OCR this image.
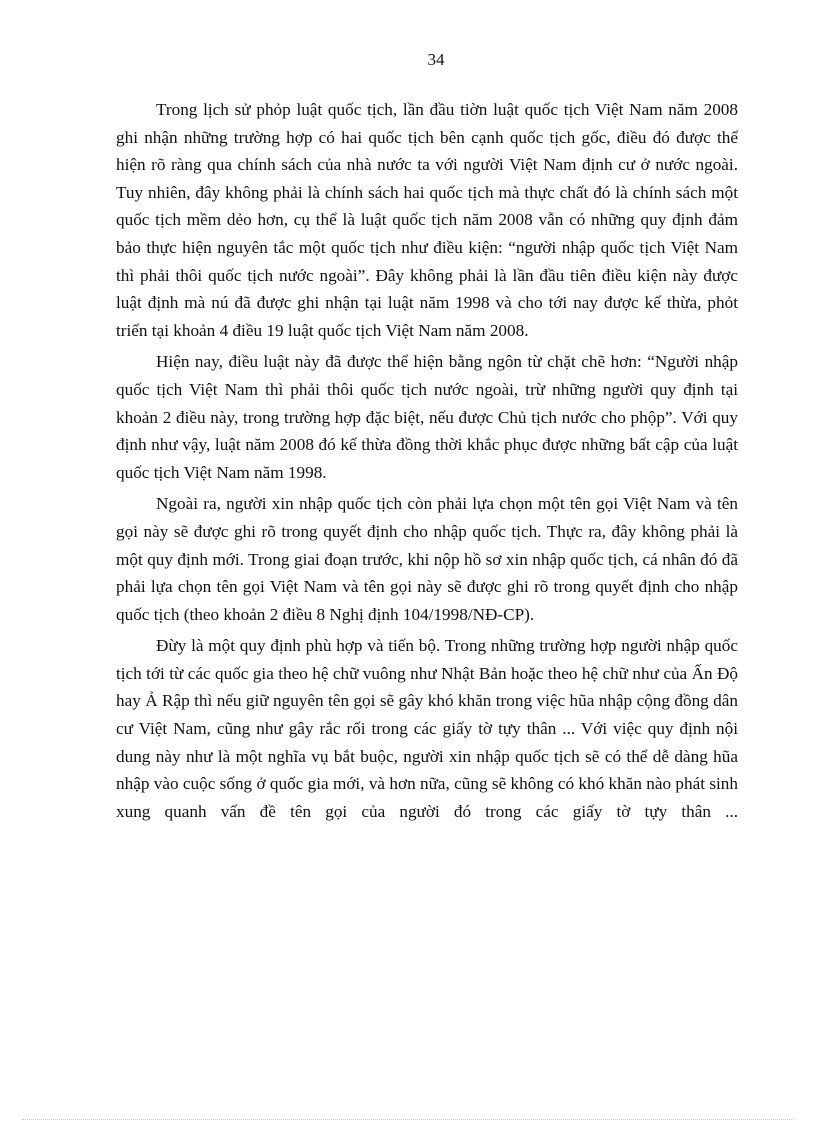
34

Trong lịch sử phỏp luật quốc tịch, lần đầu tiờn luật quốc tịch Việt Nam năm 2008 ghi nhận những trường hợp có hai quốc tịch bên cạnh quốc tịch gốc, điều đó được thể hiện rõ ràng qua chính sách của nhà nước ta với người Việt Nam định cư ở nước ngoài. Tuy nhiên, đây không phải là chính sách hai quốc tịch mà thực chất đó là chính sách một quốc tịch mềm dẻo hơn, cụ thể là luật quốc tịch năm 2008 vẫn có những quy định đảm bảo thực hiện nguyên tắc một quốc tịch như điều kiện: “người nhập quốc tịch Việt Nam thì phải thôi quốc tịch nước ngoài”. Đây không phải là lần đầu tiên điều kiện này được luật định mà nú đã được ghi nhận tại luật năm 1998 và cho tới nay được kế thừa, phỏt triển tại khoản 4 điều 19 luật quốc tịch Việt Nam năm 2008.

Hiện nay, điều luật này đã được thể hiện bằng ngôn từ chặt chẽ hơn: “Người nhập quốc tịch Việt Nam thì phải thôi quốc tịch nước ngoài, trừ những người quy định tại khoản 2 điều này, trong trường hợp đặc biệt, nếu được Chủ tịch nước cho phộp”. Với quy định như vậy, luật năm 2008 đó kế thừa đồng thời khắc phục được những bất cập của luật quốc tịch Việt Nam năm 1998.

Ngoài ra, người xin nhập quốc tịch còn phải lựa chọn một tên gọi Việt Nam và tên gọi này sẽ được ghi rõ trong quyết định cho nhập quốc tịch. Thực ra, đây không phải là một quy định mới. Trong giai đoạn trước, khi nộp hồ sơ xin nhập quốc tịch, cá nhân đó đã phải lựa chọn tên gọi Việt Nam và tên gọi này sẽ được ghi rõ trong quyết định cho nhập quốc tịch (theo khoản 2 điều 8 Nghị định 104/1998/NĐ-CP).

Đừy là một quy định phù hợp và tiến bộ. Trong những trường hợp người nhập quốc tịch tới từ các quốc gia theo hệ chữ vuông như Nhật Bản hoặc theo hệ chữ như của Ấn Độ hay Ả Rập thì nếu giữ nguyên tên gọi sẽ gây khó khăn trong việc hũa nhập cộng đồng dân cư Việt Nam, cũng như gây rắc rối trong các giấy tờ tựy thân ... Với việc quy định nội dung này như là một nghĩa vụ bắt buộc, người xin nhập quốc tịch sẽ có thể dễ dàng hũa nhập vào cuộc sống ở quốc gia mới, và hơn nữa, cũng sẽ không có khó khăn nào phát sinh xung quanh vấn đề tên gọi của người đó trong các giấy tờ tựy thân ...
